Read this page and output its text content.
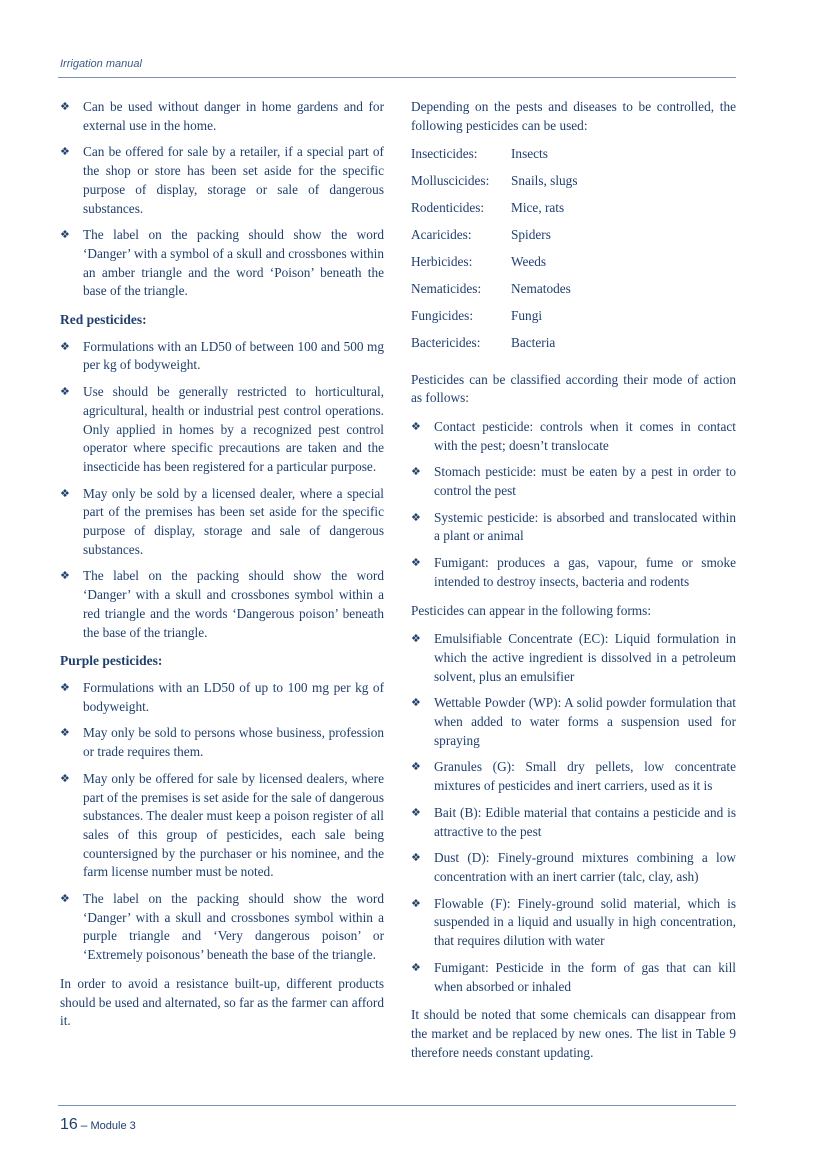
Irrigation manual
❖ Can be used without danger in home gardens and for external use in the home.
❖ Can be offered for sale by a retailer, if a special part of the shop or store has been set aside for the specific purpose of display, storage or sale of dangerous substances.
❖ The label on the packing should show the word ‘Danger’ with a symbol of a skull and crossbones within an amber triangle and the word ‘Poison’ beneath the base of the triangle.
Red pesticides:
❖ Formulations with an LD50 of between 100 and 500 mg per kg of bodyweight.
❖ Use should be generally restricted to horticultural, agricultural, health or industrial pest control operations. Only applied in homes by a recognized pest control operator where specific precautions are taken and the insecticide has been registered for a particular purpose.
❖ May only be sold by a licensed dealer, where a special part of the premises has been set aside for the specific purpose of display, storage and sale of dangerous substances.
❖ The label on the packing should show the word ‘Danger’ with a skull and crossbones symbol within a red triangle and the words ‘Dangerous poison’ beneath the base of the triangle.
Purple pesticides:
❖ Formulations with an LD50 of up to 100 mg per kg of bodyweight.
❖ May only be sold to persons whose business, profession or trade requires them.
❖ May only be offered for sale by licensed dealers, where part of the premises is set aside for the sale of dangerous substances. The dealer must keep a poison register of all sales of this group of pesticides, each sale being countersigned by the purchaser or his nominee, and the farm license number must be noted.
❖ The label on the packing should show the word ‘Danger’ with a skull and crossbones symbol within a purple triangle and ‘Very dangerous poison’ or ‘Extremely poisonous’ beneath the base of the triangle.

In order to avoid a resistance built-up, different products should be used and alternated, so far as the farmer can afford it.

Depending on the pests and diseases to be controlled, the following pesticides can be used:

Insecticides:	Insects
Molluscicides:	Snails, slugs
Rodenticides:	Mice, rats
Acaricides:	Spiders
Herbicides:	Weeds
Nematicides:	Nematodes
Fungicides:	Fungi
Bactericides:	Bacteria

Pesticides can be classified according their mode of action as follows:

❖ Contact pesticide: controls when it comes in contact with the pest; doesn’t translocate
❖ Stomach pesticide: must be eaten by a pest in order to control the pest
❖ Systemic pesticide: is absorbed and translocated within a plant or animal
❖ Fumigant: produces a gas, vapour, fume or smoke intended to destroy insects, bacteria and rodents

Pesticides can appear in the following forms:

❖ Emulsifiable Concentrate (EC): Liquid formulation in which the active ingredient is dissolved in a petroleum solvent, plus an emulsifier
❖ Wettable Powder (WP): A solid powder formulation that when added to water forms a suspension used for spraying
❖ Granules (G): Small dry pellets, low concentrate mixtures of pesticides and inert carriers, used as it is
❖ Bait (B): Edible material that contains a pesticide and is attractive to the pest
❖ Dust (D): Finely-ground mixtures combining a low concentration with an inert carrier (talc, clay, ash)
❖ Flowable (F): Finely-ground solid material, which is suspended in a liquid and usually in high concentration, that requires dilution with water
❖ Fumigant: Pesticide in the form of gas that can kill when absorbed or inhaled

It should be noted that some chemicals can disappear from the market and be replaced by new ones. The list in Table 9 therefore needs constant updating.

16 – Module 3
